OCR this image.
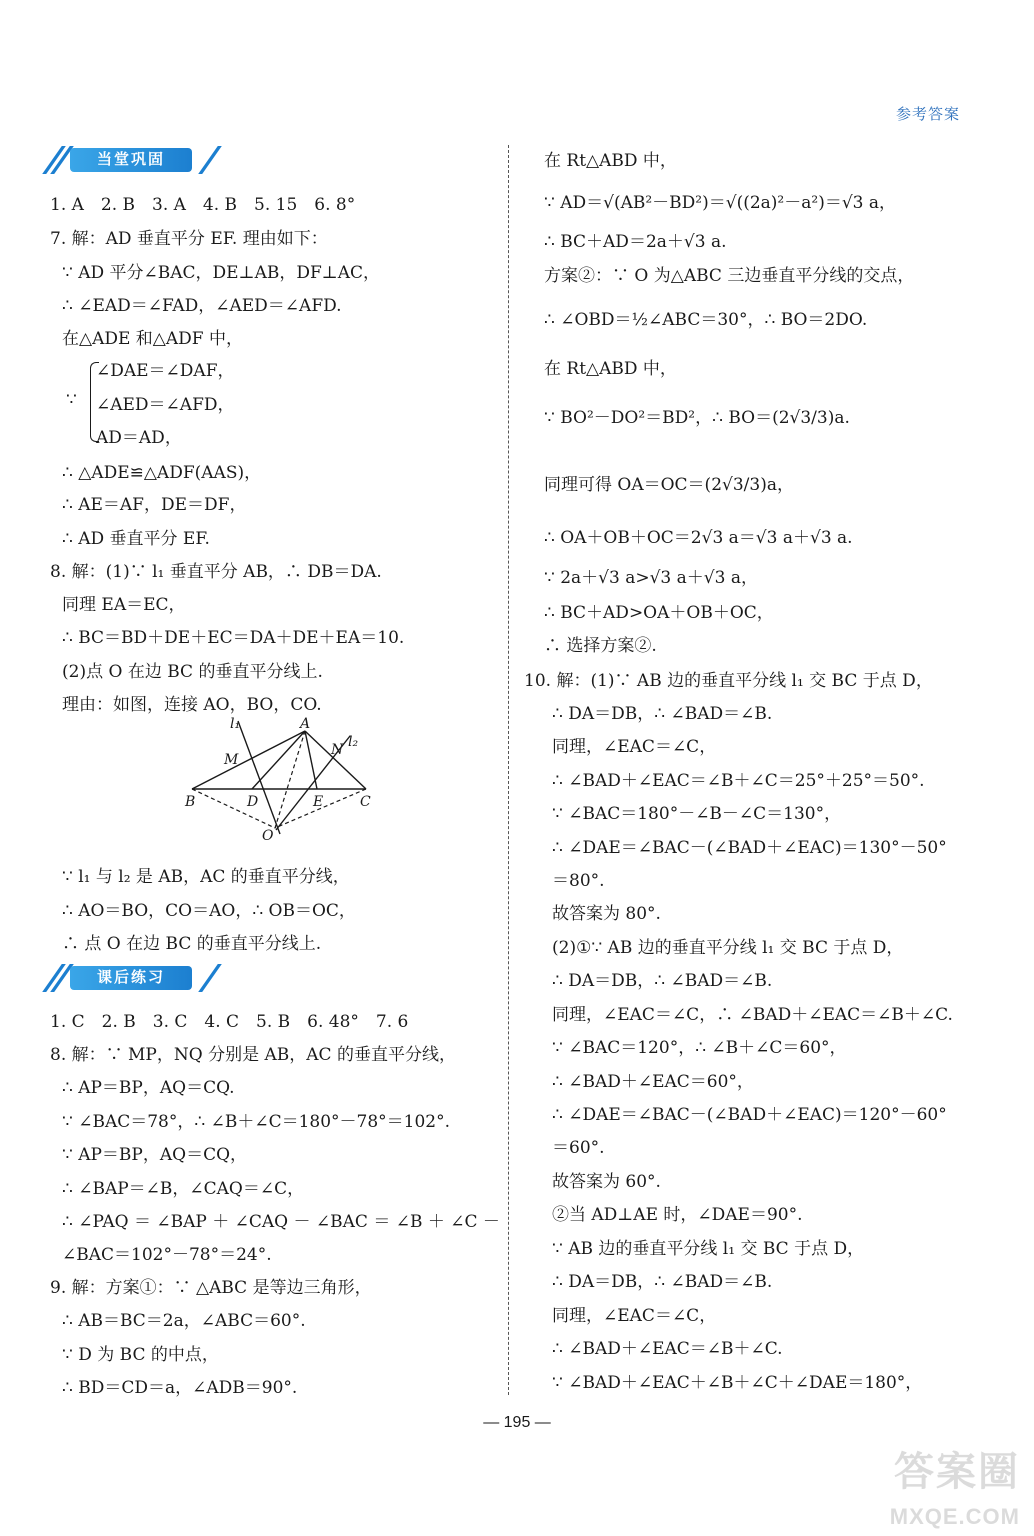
参考答案
当堂巩固
1. A　2. B　3. A　4. B　5. 15　6. 8°
7. 解：AD 垂直平分 EF. 理由如下：
∵ AD 平分∠BAC，DE⊥AB，DF⊥AC，
∴ ∠EAD＝∠FAD，∠AED＝∠AFD.
在△ADE 和△ADF 中，
∠DAE＝∠DAF，
∵ ∠AED＝∠AFD，
AD＝AD，
∴ △ADE≌△ADF(AAS)，
∴ AE＝AF，DE＝DF，
∴ AD 垂直平分 EF.
8. 解：(1)∵ l₁ 垂直平分 AB，∴ DB＝DA.
同理 EA＝EC，
∴ BC＝BD＋DE＋EC＝DA＋DE＋EA＝10.
(2)点 O 在边 BC 的垂直平分线上.
理由：如图，连接 AO，BO，CO.
∵ l₁ 与 l₂ 是 AB，AC 的垂直平分线，
∴ AO＝BO，CO＝AO，∴ OB＝OC，
∴ 点 O 在边 BC 的垂直平分线上.
课后练习
1. C　2. B　3. C　4. C　5. B　6. 48°　7. 6
8. 解：∵ MP，NQ 分别是 AB，AC 的垂直平分线，
∴ AP＝BP，AQ＝CQ.
∵ ∠BAC＝78°，∴ ∠B＋∠C＝180°－78°＝102°.
∵ AP＝BP，AQ＝CQ，
∴ ∠BAP＝∠B，∠CAQ＝∠C，
∴ ∠PAQ ＝ ∠BAP ＋ ∠CAQ － ∠BAC ＝ ∠B ＋ ∠C －
∠BAC＝102°－78°＝24°.
9. 解：方案①：∵ △ABC 是等边三角形，
∴ AB＝BC＝2a，∠ABC＝60°.
∵ D 为 BC 的中点，
∴ BD＝CD＝a，∠ADB＝90°.
l₁	A
N l₂
M
B	D	E	C
O
在 Rt△ABD 中，
∵ AD＝√(AB²－BD²)＝√((2a)²－a²)＝√3 a，
∴ BC＋AD＝2a＋√3 a.
方案②：∵ O 为△ABC 三边垂直平分线的交点，
∴ ∠OBD＝½∠ABC＝30°，∴ BO＝2DO.
在 Rt△ABD 中，
∵ BO²－DO²＝BD²，∴ BO＝(2√3/3)a.
同理可得 OA＝OC＝(2√3/3)a，
∴ OA＋OB＋OC＝2√3 a＝√3 a＋√3 a.
∵ 2a＋√3 a>√3 a＋√3 a，
∴ BC＋AD>OA＋OB＋OC，
∴ 选择方案②.
10. 解：(1)∵ AB 边的垂直平分线 l₁ 交 BC 于点 D，
∴ DA＝DB，∴ ∠BAD＝∠B.
同理，∠EAC＝∠C，
∴ ∠BAD＋∠EAC＝∠B＋∠C＝25°＋25°＝50°.
∵ ∠BAC＝180°－∠B－∠C＝130°，
∴ ∠DAE＝∠BAC－(∠BAD＋∠EAC)＝130°－50°
＝80°.
故答案为 80°.
(2)①∵ AB 边的垂直平分线 l₁ 交 BC 于点 D，
∴ DA＝DB，∴ ∠BAD＝∠B.
同理，∠EAC＝∠C，∴ ∠BAD＋∠EAC＝∠B＋∠C.
∵ ∠BAC＝120°，∴ ∠B＋∠C＝60°，
∴ ∠BAD＋∠EAC＝60°，
∴ ∠DAE＝∠BAC－(∠BAD＋∠EAC)＝120°－60°
＝60°.
故答案为 60°.
②当 AD⊥AE 时，∠DAE＝90°.
∵ AB 边的垂直平分线 l₁ 交 BC 于点 D，
∴ DA＝DB，∴ ∠BAD＝∠B.
同理，∠EAC＝∠C，
∴ ∠BAD＋∠EAC＝∠B＋∠C.
∵ ∠BAD＋∠EAC＋∠B＋∠C＋∠DAE＝180°，
— 195 —
答案圈
MXQE.COM
